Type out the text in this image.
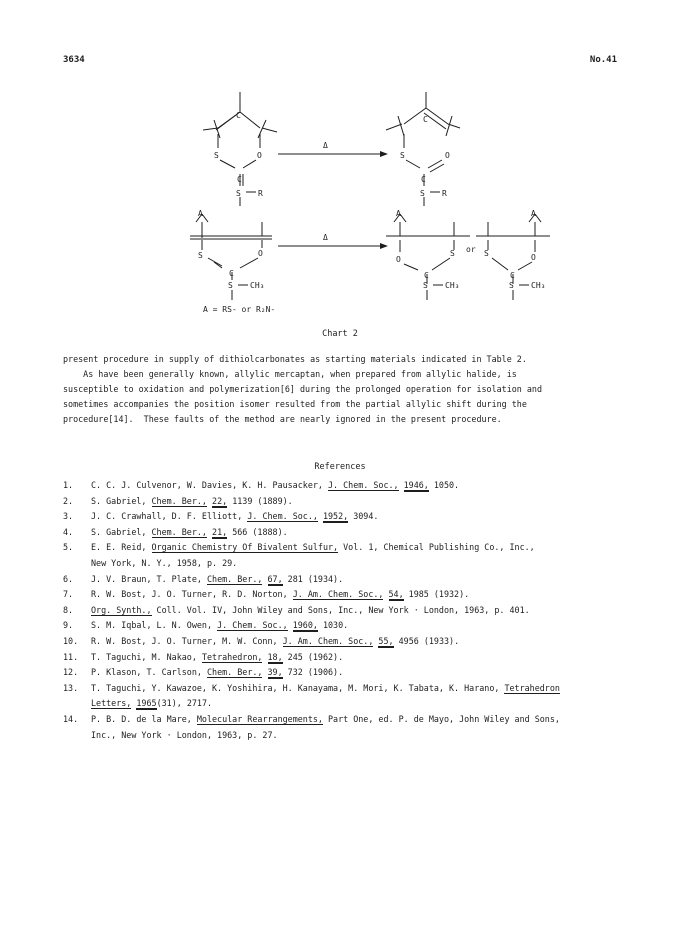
3634	No.41
C
S	O
C
S R
Δ
C
S
C
O
S R
A
S	O
C
S CH₃
Δ
A
O
S
C
S CH₃
or
A
S	O
C
S CH₃
A = RS- or R₂N-
Chart 2
present procedure in supply of dithiolcarbonates as starting materials indicated in Table 2.
As have been generally known, allylic mercaptan, when prepared from allylic halide, is
susceptible to oxidation and polymerization[6] during the prolonged operation for isolation and
sometimes accompanies the position isomer resulted from the partial allylic shift during the
procedure[14].  These faults of the method are nearly ignored in the present procedure.
References
1. C. C. J. Culvenor, W. Davies, K. H. Pausacker, J. Chem. Soc., 1946, 1050.
2. S. Gabriel, Chem. Ber., 22, 1139 (1889).
3. J. C. Crawhall, D. F. Elliott, J. Chem. Soc., 1952, 3094.
4. S. Gabriel, Chem. Ber., 21, 566 (1888).
5. E. E. Reid, Organic Chemistry Of Bivalent Sulfur, Vol. 1, Chemical Publishing Co., Inc.,
New York, N. Y., 1958, p. 29.
6. J. V. Braun, T. Plate, Chem. Ber., 67, 281 (1934).
7. R. W. Bost, J. O. Turner, R. D. Norton, J. Am. Chem. Soc., 54, 1985 (1932).
8. Org. Synth., Coll. Vol. IV, John Wiley and Sons, Inc., New York · London, 1963, p. 401.
9. S. M. Iqbal, L. N. Owen, J. Chem. Soc., 1960, 1030.
10. R. W. Bost, J. O. Turner, M. W. Conn, J. Am. Chem. Soc., 55, 4956 (1933).
11. T. Taguchi, M. Nakao, Tetrahedron, 18, 245 (1962).
12. P. Klason, T. Carlson, Chem. Ber., 39, 732 (1906).
13. T. Taguchi, Y. Kawazoe, K. Yoshihira, H. Kanayama, M. Mori, K. Tabata, K. Harano, Tetrahedron
Letters, 1965(31), 2717.
14. P. B. D. de la Mare, Molecular Rearrangements, Part One, ed. P. de Mayo, John Wiley and Sons,
Inc., New York · London, 1963, p. 27.
